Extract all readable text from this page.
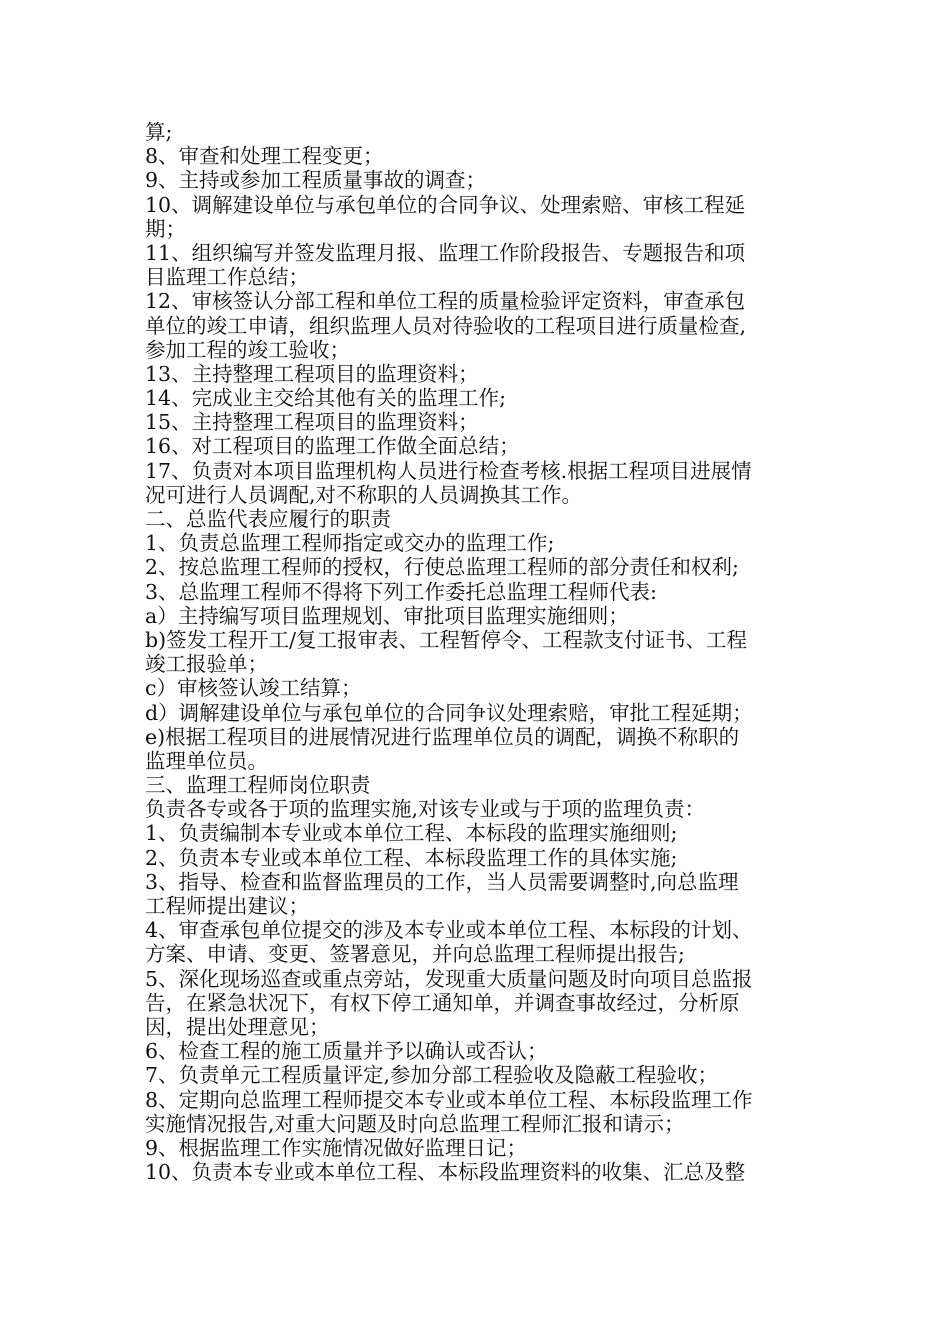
算;
8、审查和处理工程变更；
9、主持或参加工程质量事故的调查；
10、调解建设单位与承包单位的合同争议、处理索赔、审核工程延
期；
11、组织编写并签发监理月报、监理工作阶段报告、专题报告和项
目监理工作总结；
12、审核签认分部工程和单位工程的质量检验评定资料，审查承包
单位的竣工申请，组织监理人员对待验收的工程项目进行质量检查,
参加工程的竣工验收；
13、主持整理工程项目的监理资料；
14、完成业主交给其他有关的监理工作;
15、主持整理工程项目的监理资料；
16、对工程项目的监理工作做全面总结；
17、负责对本项目监理机构人员进行检查考核.根据工程项目进展情
况可进行人员调配,对不称职的人员调换其工作。
二、总监代表应履行的职责
1、负责总监理工程师指定或交办的监理工作;
2、按总监理工程师的授权，行使总监理工程师的部分责任和权利;
3、总监理工程师不得将下列工作委托总监理工程师代表:
a）主持编写项目监理规划、审批项目监理实施细则；
b)签发工程开工/复工报审表、工程暂停令、工程款支付证书、工程
竣工报验单；
c）审核签认竣工结算；
d）调解建设单位与承包单位的合同争议处理索赔，审批工程延期；
e)根据工程项目的进展情况进行监理单位员的调配，调换不称职的
监理单位员。
三、监理工程师岗位职责
负责各专或各于项的监理实施,对该专业或与于项的监理负责：
1、负责编制本专业或本单位工程、本标段的监理实施细则;
2、负责本专业或本单位工程、本标段监理工作的具体实施;
3、指导、检查和监督监理员的工作，当人员需要调整时,向总监理
工程师提出建议；
4、审查承包单位提交的涉及本专业或本单位工程、本标段的计划、
方案、申请、变更、签署意见，并向总监理工程师提出报告;
5、深化现场巡查或重点旁站，发现重大质量问题及时向项目总监报
告，在紧急状况下，有权下停工通知单，并调查事故经过，分析原
因，提出处理意见；
6、检查工程的施工质量并予以确认或否认；
7、负责单元工程质量评定,参加分部工程验收及隐蔽工程验收；
8、定期向总监理工程师提交本专业或本单位工程、本标段监理工作
实施情况报告,对重大问题及时向总监理工程师汇报和请示；
9、根据监理工作实施情况做好监理日记；
10、负责本专业或本单位工程、本标段监理资料的收集、汇总及整
